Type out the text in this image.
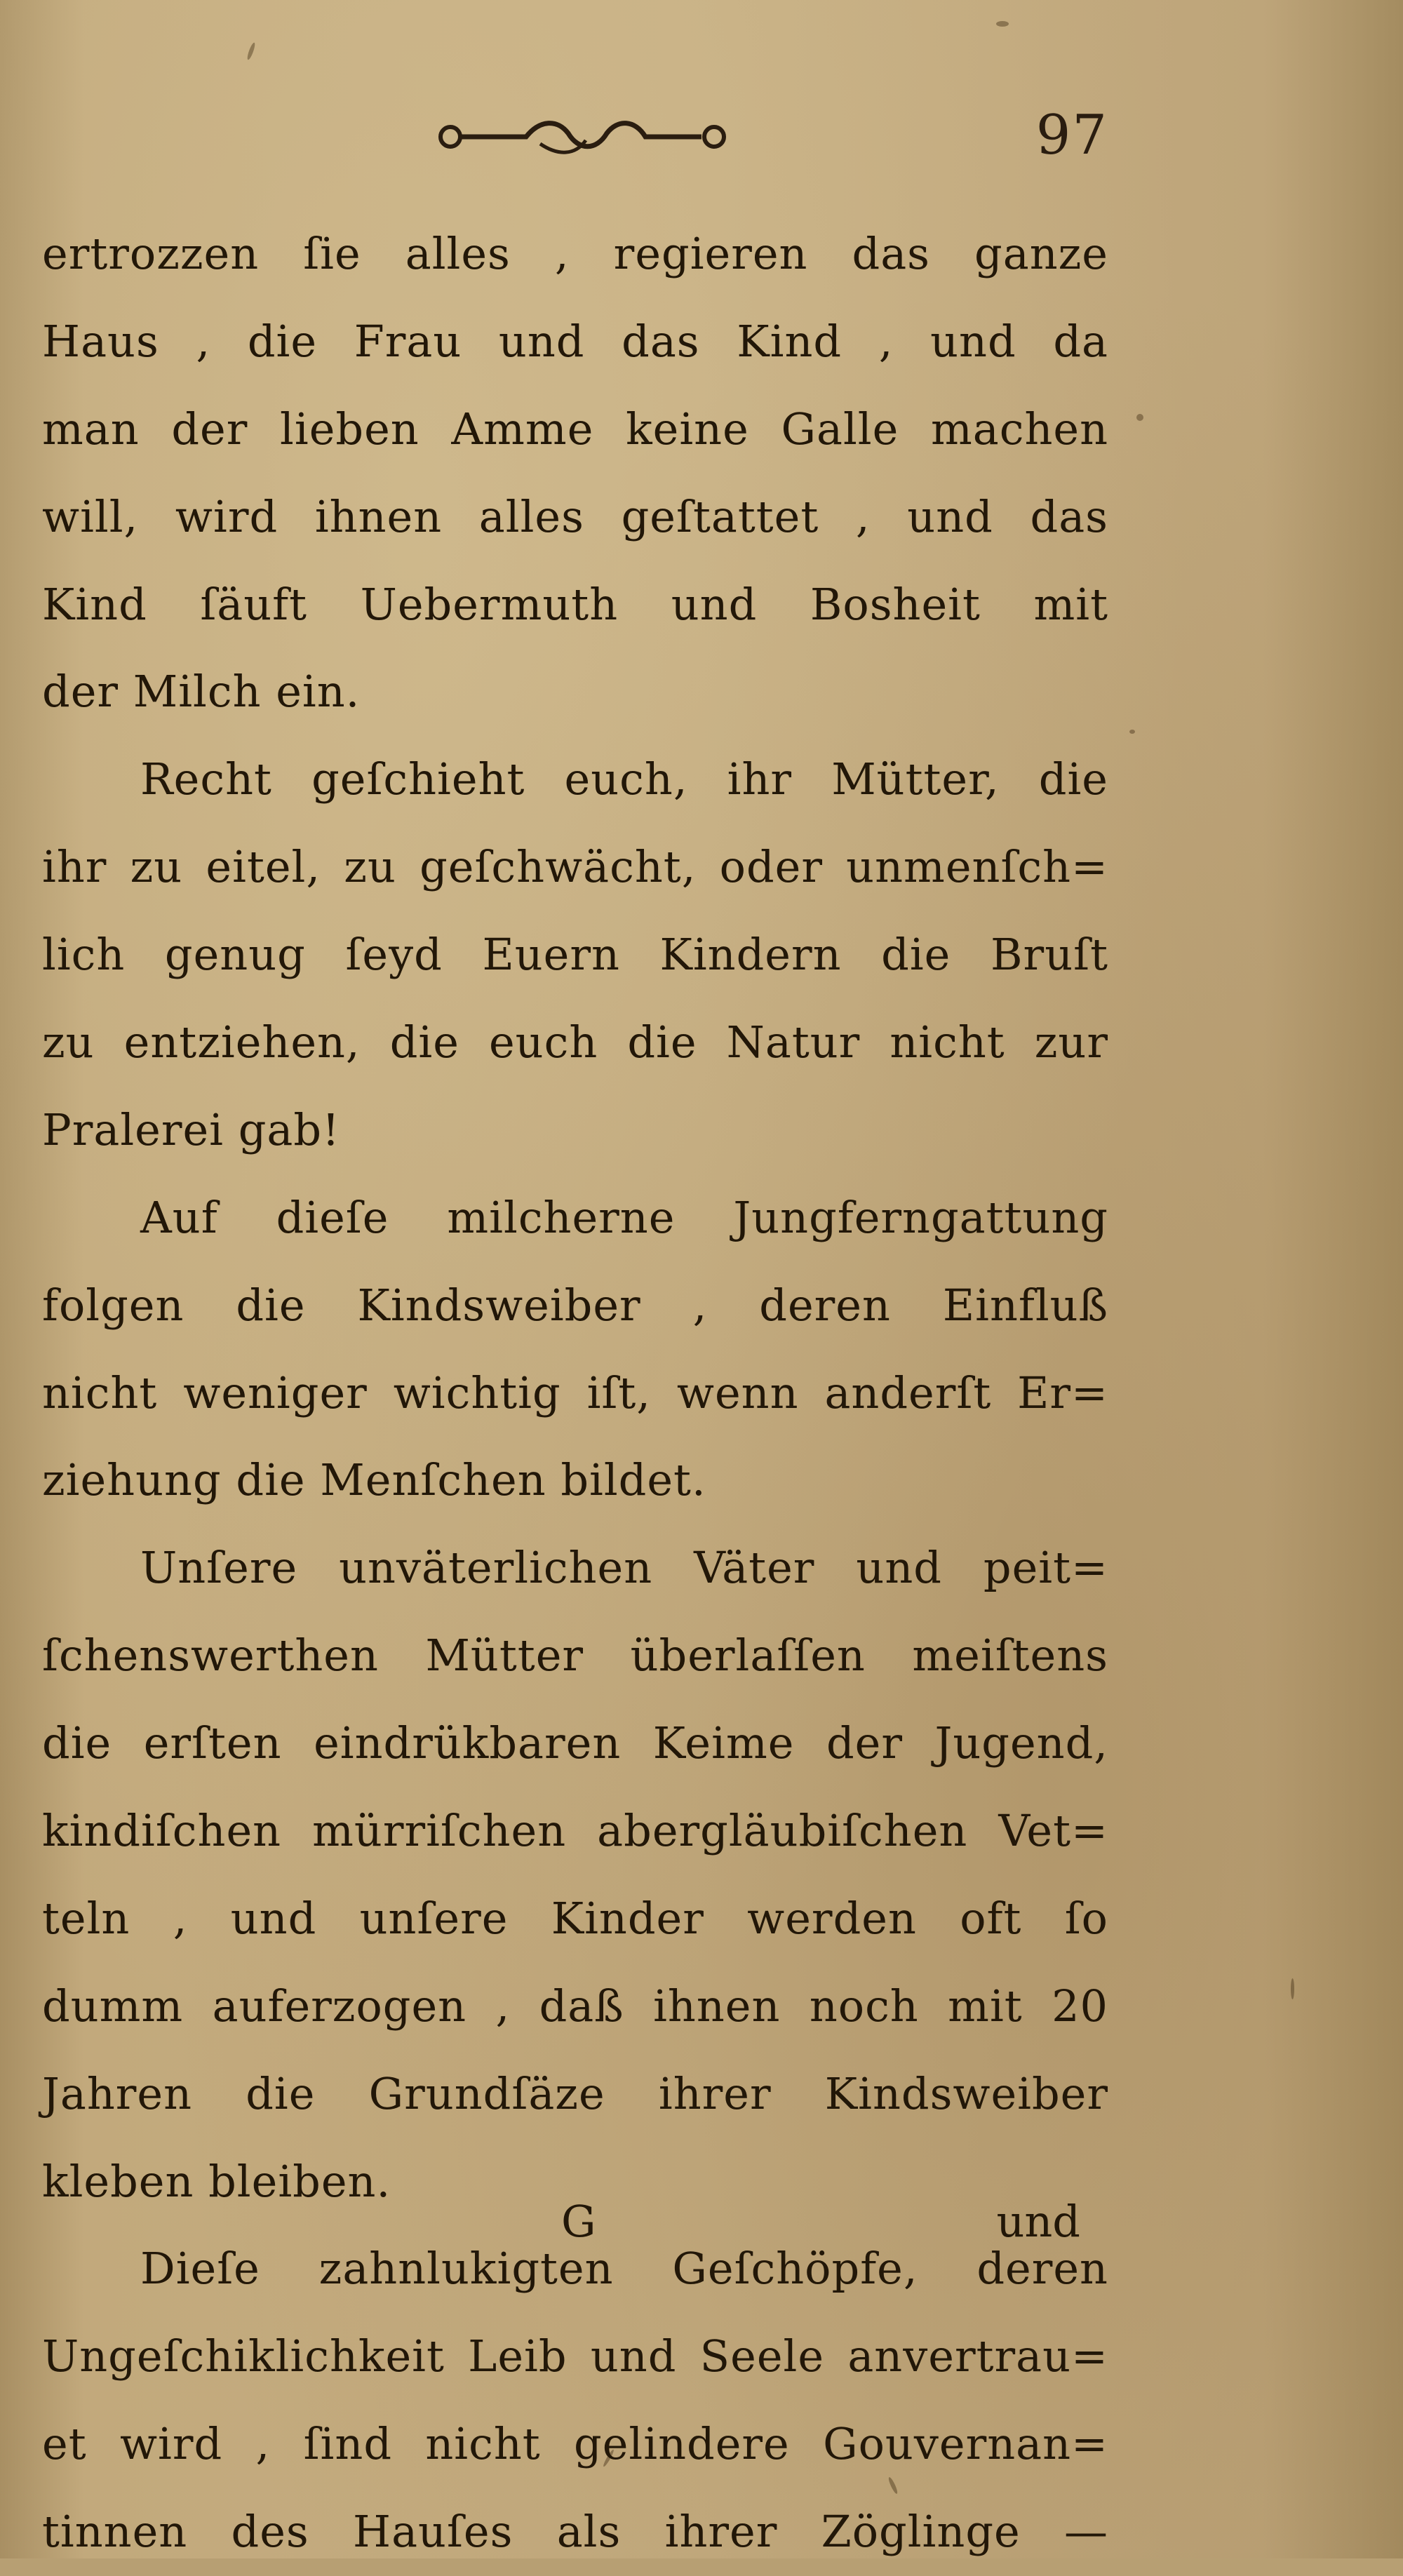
97
ertrozzen ſie alles , regieren das ganze
Haus , die Frau und das Kind , und da
man der lieben Amme keine Galle machen
will, wird ihnen alles geſtattet , und das
Kind ſäuft Uebermuth und Bosheit mit
der Milch ein.
Recht geſchieht euch, ihr Mütter, die
ihr zu eitel, zu geſchwächt, oder unmenſch=
lich genug ſeyd Euern Kindern die Bruſt
zu entziehen, die euch die Natur nicht zur
Pralerei gab!
Auf dieſe milcherne Jungferngattung
folgen die Kindsweiber , deren Einfluß
nicht weniger wichtig iſt, wenn anderſt Er=
ziehung die Menſchen bildet.
Unſere unväterlichen Väter und peit=
ſchenswerthen Mütter überlaſſen meiſtens
die erſten eindrükbaren Keime der Jugend,
kindiſchen mürriſchen abergläubiſchen Vet=
teln , und unſere Kinder werden oft ſo
dumm auferzogen , daß ihnen noch mit 20
Jahren die Grundſäze ihrer Kindsweiber
kleben bleiben.
Dieſe zahnlukigten Geſchöpfe, deren
Ungeſchiklichkeit Leib und Seele anvertrau=
et wird , ſind nicht gelindere Gouvernan=
tinnen des Hauſes als ihrer Zöglinge —
G	und
